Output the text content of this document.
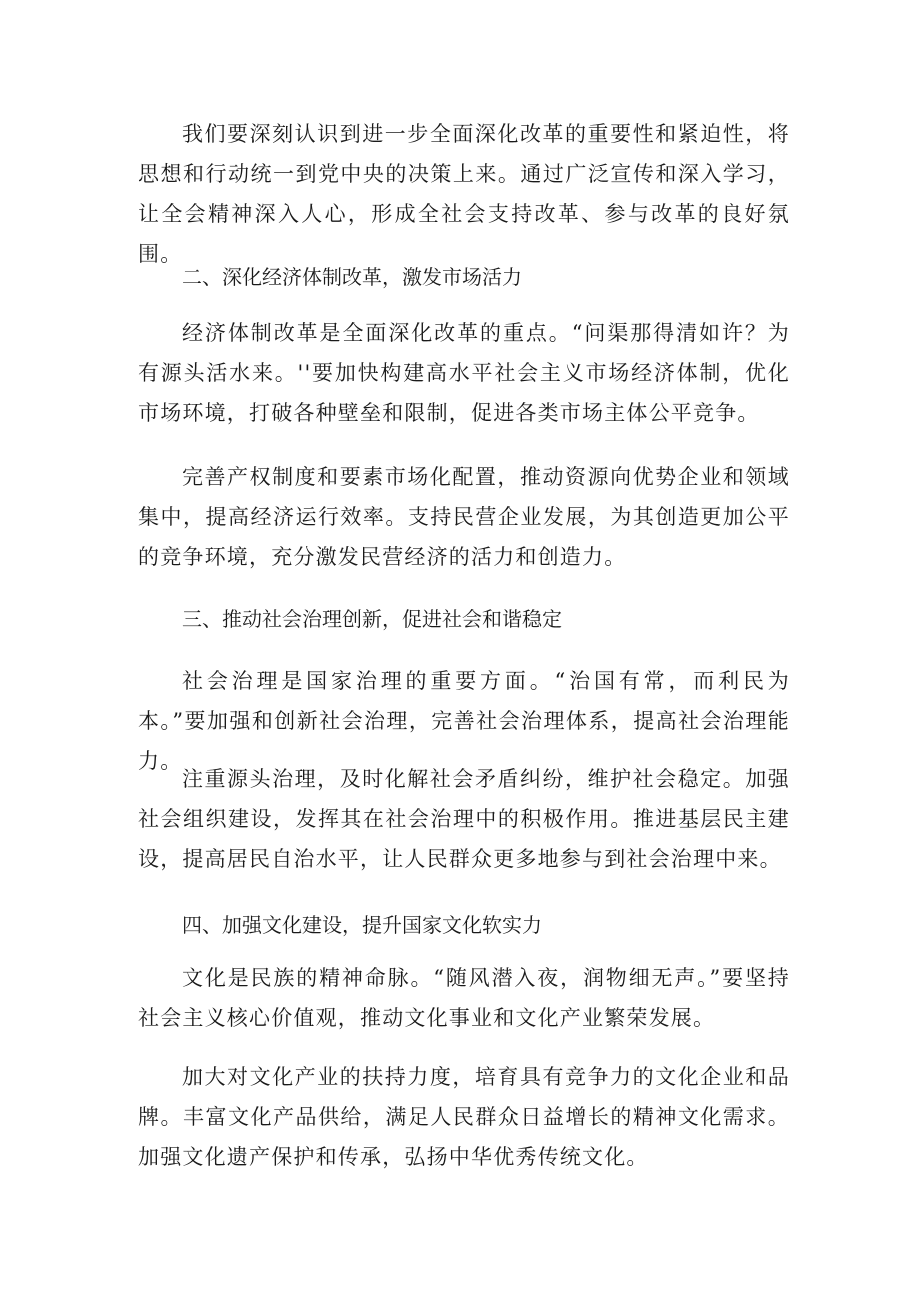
我们要深刻认识到进一步全面深化改革的重要性和紧迫性，将思想和行动统一到党中央的决策上来。通过广泛宣传和深入学习，让全会精神深入人心，形成全社会支持改革、参与改革的良好氛围。

二、深化经济体制改革，激发市场活力

经济体制改革是全面深化改革的重点。“问渠那得清如许？为有源头活水来。''要加快构建高水平社会主义市场经济体制，优化市场环境，打破各种壁垒和限制，促进各类市场主体公平竞争。

完善产权制度和要素市场化配置，推动资源向优势企业和领域集中，提高经济运行效率。支持民营企业发展，为其创造更加公平的竞争环境，充分激发民营经济的活力和创造力。

三、推动社会治理创新，促进社会和谐稳定

社会治理是国家治理的重要方面。“治国有常，而利民为本。”要加强和创新社会治理，完善社会治理体系，提高社会治理能力。

注重源头治理，及时化解社会矛盾纠纷，维护社会稳定。加强社会组织建设，发挥其在社会治理中的积极作用。推进基层民主建设，提高居民自治水平，让人民群众更多地参与到社会治理中来。

四、加强文化建设，提升国家文化软实力

文化是民族的精神命脉。“随风潜入夜，润物细无声。”要坚持社会主义核心价值观，推动文化事业和文化产业繁荣发展。

加大对文化产业的扶持力度，培育具有竞争力的文化企业和品牌。丰富文化产品供给，满足人民群众日益增长的精神文化需求。加强文化遗产保护和传承，弘扬中华优秀传统文化。
